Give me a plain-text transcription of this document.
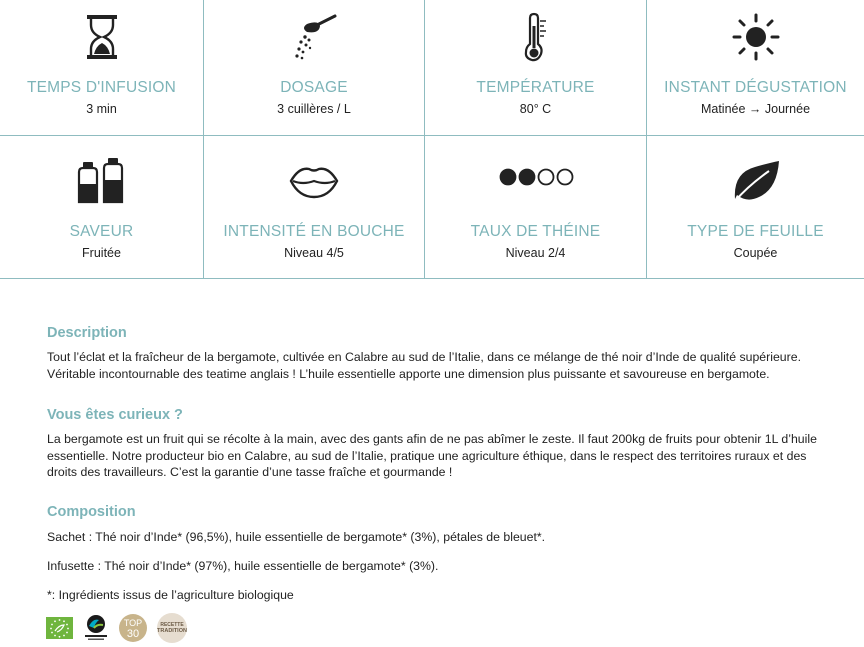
TEMPS D'INFUSION
3 min
DOSAGE
3 cuillères / L
TEMPÉRATURE
80° C
INSTANT DÉGUSTATION
Matinée → Journée
SAVEUR
Fruitée
INTENSITÉ EN BOUCHE
Niveau 4/5
TAUX DE THÉINE
Niveau 2/4
TYPE DE FEUILLE
Coupée
Description

Tout l’éclat et la fraîcheur de la bergamote, cultivée en Calabre au sud de l’Italie, dans ce mélange de thé noir d’Inde de qualité supérieure. Véritable incontournable des teatime anglais ! L’huile essentielle apporte une dimension plus puissante et savoureuse en bergamote.

Vous êtes curieux ?

La bergamote est un fruit qui se récolte à la main, avec des gants afin de ne pas abîmer le zeste. Il faut 200kg de fruits pour obtenir 1L d’huile essentielle. Notre producteur bio en Calabre, au sud de l’Italie, pratique une agriculture éthique, dans le respect des territoires ruraux et des droits des travailleurs. C’est la garantie d’une tasse fraîche et gourmande !

Composition

Sachet : Thé noir d’Inde* (96,5%), huile essentielle de bergamote* (3%), pétales de bleuet*.

Infusette : Thé noir d’Inde* (97%), huile essentielle de bergamote* (3%).

*: Ingrédients issus de l’agriculture biologique

TOP
30
RECETTE
TRADITION
